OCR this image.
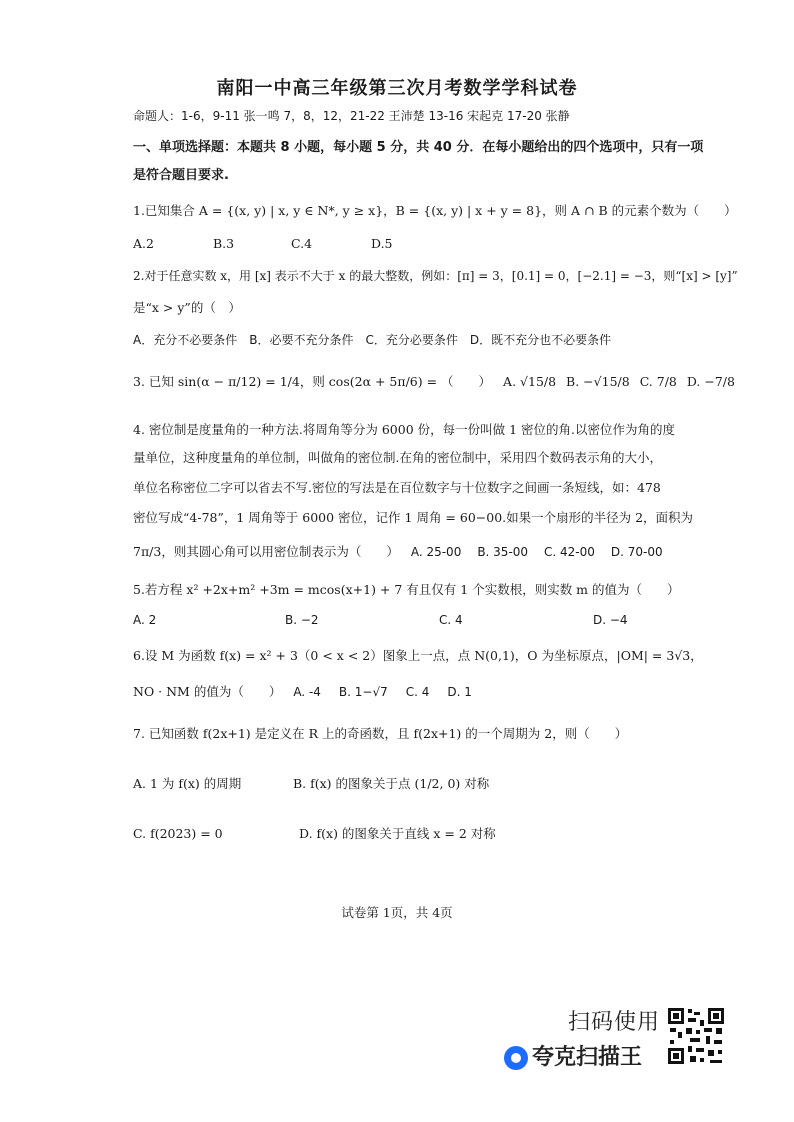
南阳一中高三年级第三次月考数学学科试卷
命题人：1-6，9-11 张一鸣 7，8，12，21-22 王沛楚 13-16 宋起克 17-20 张静
一、单项选择题：本题共 8 小题，每小题 5 分，共 40 分．在每小题给出的四个选项中，只有一项
是符合题目要求.
1.已知集合 A = {(x, y) | x, y ∈ N*, y ≥ x}，B = {(x, y) | x + y = 8}，则 A ∩ B 的元素个数为（　　）
A.2	B.3	C.4	D.5
2.对于任意实数 x，用 [x] 表示不大于 x 的最大整数，例如：[π] = 3，[0.1] = 0，[−2.1] = −3，则“[x] > [y]”
是“x > y”的（　）
A．充分不必要条件 B．必要不充分条件 C．充分必要条件 D．既不充分也不必要条件
3. 已知 sin(α − π/12) = 1/4，则 cos(2α + 5π/6) = （　　） A. √15/8 B. −√15/8 C. 7/8 D. −7/8
4. 密位制是度量角的一种方法.将周角等分为 6000 份，每一份叫做 1 密位的角.以密位作为角的度
量单位，这种度量角的单位制，叫做角的密位制.在角的密位制中，采用四个数码表示角的大小，
单位名称密位二字可以省去不写.密位的写法是在百位数字与十位数字之间画一条短线，如：478
密位写成“4-78”，1 周角等于 6000 密位，记作 1 周角 = 60−00.如果一个扇形的半径为 2，面积为
7π/3，则其圆心角可以用密位制表示为（　　） A. 25-00 B. 35-00 C. 42-00 D. 70-00
5.若方程 x² +2x+m² +3m = mcos(x+1) + 7 有且仅有 1 个实数根，则实数 m 的值为（　　）
A. 2	B. −2	C. 4	D. −4
6.设 M 为函数 f(x) = x² + 3（0 < x < 2）图象上一点，点 N(0,1)，O 为坐标原点，|OM| = 3√3，
NO · NM 的值为（　　） A. -4 B. 1−√7 C. 4 D. 1
7. 已知函数 f(2x+1) 是定义在 R 上的奇函数，且 f(2x+1) 的一个周期为 2，则（　　）
A. 1 为 f(x) 的周期	B. f(x) 的图象关于点 (1/2, 0) 对称
C. f(2023) = 0	D. f(x) 的图象关于直线 x = 2 对称
试卷第 1页，共 4页
扫码使用
夸克扫描王
